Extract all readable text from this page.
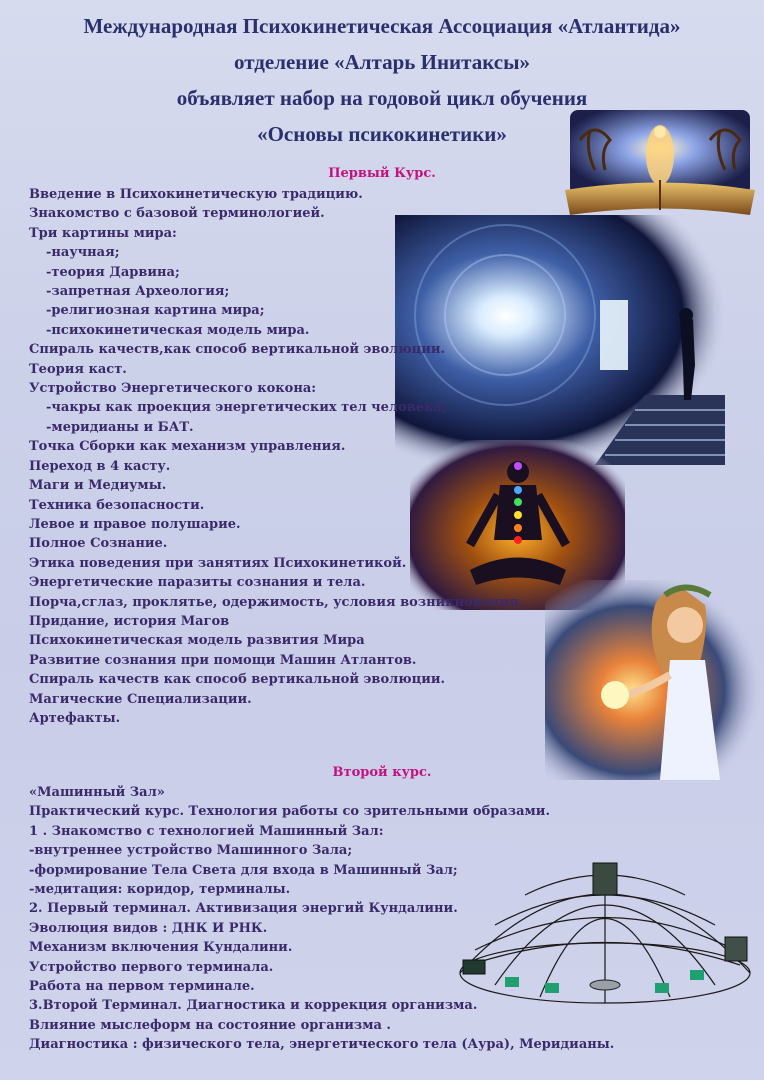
Международная Психокинетическая Ассоциация «Атлантида»
отделение «Алтарь Инитаксы»
объявляет набор на годовой цикл обучения
«Основы псикокинетики»
Первый Курс.
Введение в Психокинетическую традицию.
Знакомство с базовой терминологией.
Три картины мира:
-научная;
-теория Дарвина;
-запретная Археология;
-религиозная картина мира;
-психокинетическая модель мира.
Спираль качеств,как способ вертикальной эволюции.
Теория каст.
Устройство Энергетического кокона:
-чакры как проекция энергетических тел человека;
-меридианы и БАТ.
Точка Сборки как механизм управления.
Переход в 4 касту.
Маги и Медиумы.
Техника безопасности.
Левое и правое полушарие.
Полное Сознание.
Этика поведения при занятиях Психокинетикой.
Энергетические паразиты сознания и тела.
Порча,сглаз, проклятье, одержимость, условия возникновения.
Придание, история Магов
Психокинетическая модель развития Мира
Развитие сознания при помощи Машин Атлантов.
Спираль качеств как способ вертикальной эволюции.
Магические Специализации.
Артефакты.
Второй курс.
«Машинный Зал»
Практический курс. Технология работы со зрительными образами.
1 . Знакомство с технологией Машинный Зал:
-внутреннее устройство Машинного Зала;
-формирование Тела Света для входа в Машинный Зал;
-медитация: коридор, терминалы.
2. Первый терминал. Активизация энергий Кундалини.
Эволюция видов : ДНК И РНК.
Механизм включения Кундалини.
Устройство первого терминала.
Работа на первом терминале.
3.Второй Терминал. Диагностика и коррекция организма.
Влияние мыслеформ на состояние организма .
Диагностика : физического тела, энергетического тела (Аура), Меридианы.
